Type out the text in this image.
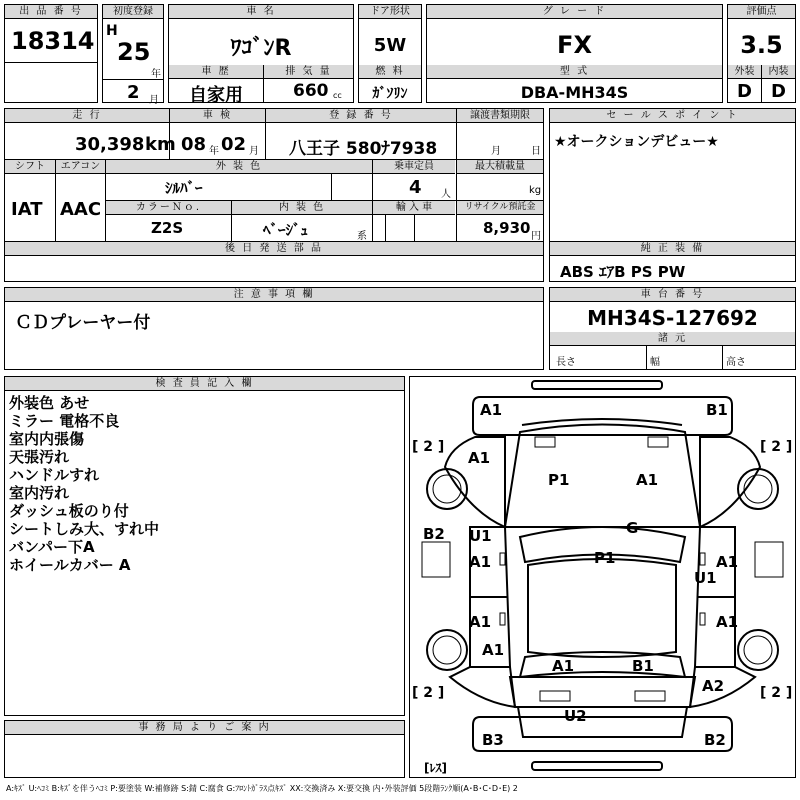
出 品 番 号
18314
初度登録
H
25
年
2 月
車 名
ﾜｺﾞﾝR
車 歴	排 気 量
自家用	660 cc
ドア形状
5W
燃 料
ｶﾞｿﾘﾝ
グ レ ー ド
FX
型 式
DBA-MH34S
評価点
3.5
外装	内装
D	D
走 行	車 検	登 録 番 号	譲渡書類期限
30,398 km 08 年 02 月 八王子 580ﾅ7938	月	日
シフト	エアコン	外 装 色	乗車定員	最大積載量
IAT AAC
ｼﾙﾊﾞｰ	4 人	kg
カラーＮｏ.	内 装 色	輸 入 車	リサイクル預託金
Z2S	ﾍﾞｰｼﾞｭ	系	8,930 円
後 日 発 送 部 品
セ ー ル ス ポ イ ン ト
★オークションデビュー★
純 正 装 備
ABS ｴｱB PS PW
注 意 事 項 欄
ＣＤプレーヤー付
車 台 番 号
MH34S-127692
諸 元
長さ	幅	高さ
検 査 員 記 入 欄
外装色 あせ
ミラー 電格不良
室内内張傷
天張汚れ
ハンドルすれ
室内汚れ
ダッシュ板のり付
シートしみ大、すれ中
バンパー下A
ホイールカバー A
事 務 局 よ り ご 案 内
A1	B1
[ 2 ]	[ 2 ]
A1
P1	A1
G
B2 U1
A1	P1	A1
U1
A1	A1
A1
A1	B1
A2
[ 2 ]	[ 2 ]
U2
B3	B2
[ﾚｽ]
A:ｷｽﾞ U:ﾍｺﾐ B:ｷｽﾞを伴うﾍｺﾐ P:要塗装 W:補修跡 S:錆 C:腐食 G:ﾌﾛﾝﾄｶﾞﾗｽ点ｷｽﾞ XX:交換済み X:要交換 内･外装評価 5段階ﾗﾝｸ順(A･B･C･D･E) 2
